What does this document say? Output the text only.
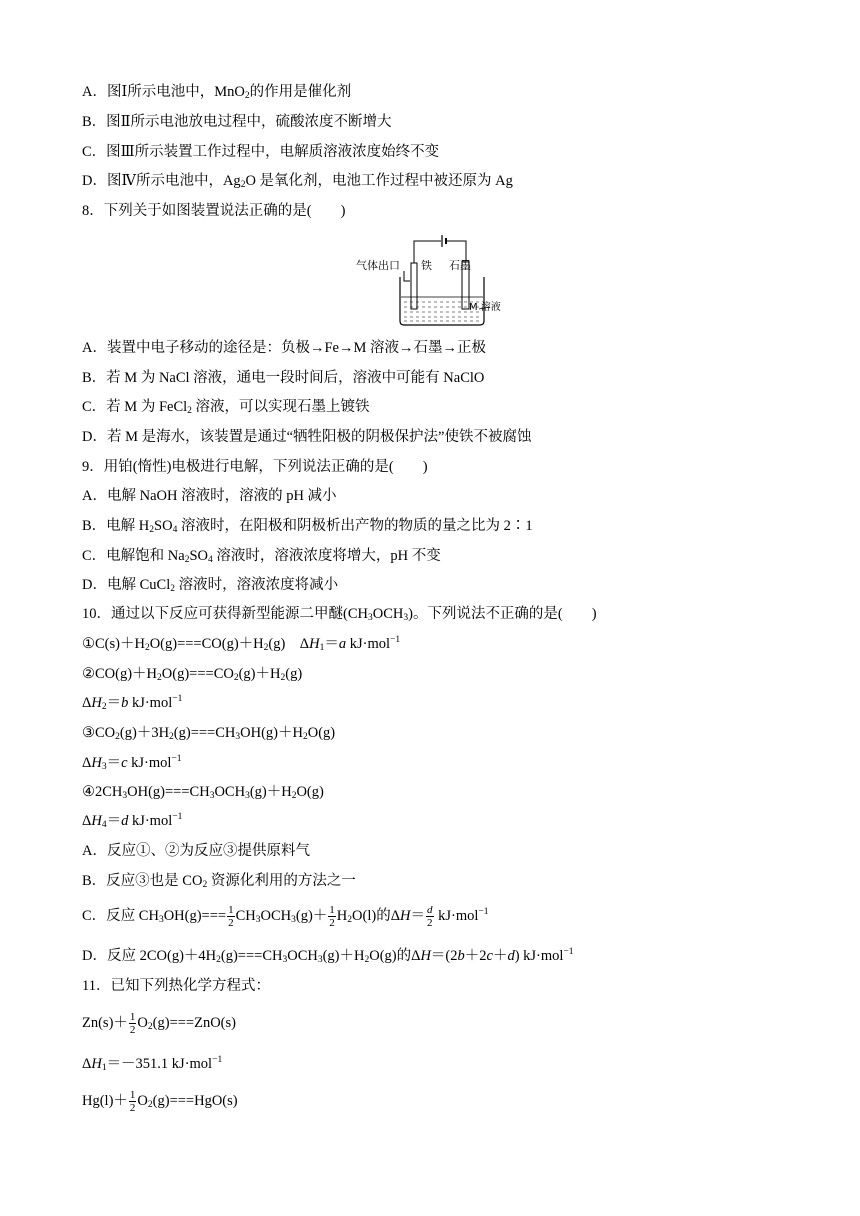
A．图Ⅰ所示电池中，MnO$_2$的作用是催化剂
B．图Ⅱ所示电池放电过程中，硫酸浓度不断增大
C．图Ⅲ所示装置工作过程中，电解质溶液浓度始终不变
D．图Ⅳ所示电池中，$Ag_2O$ 是氧化剂，电池工作过程中被还原为 Ag
8．下列关于如图装置说法正确的是(　　)
气体出口 铁 石墨
M 溶液
A．装置中电子移动的途径是：负极→Fe→M 溶液→石墨→正极
B．若 M 为 NaCl 溶液，通电一段时间后，溶液中可能有 NaClO
C．若 M 为 FeCl$_2$ 溶液，可以实现石墨上镀铁
D．若 M 是海水，该装置是通过“牺牲阳极的阴极保护法”使铁不被腐蚀
9．用铂(惰性)电极进行电解，下列说法正确的是(　　)
A．电解 NaOH 溶液时，溶液的 pH 减小
B．电解 $H_2SO_4$ 溶液时，在阳极和阴极析出产物的物质的量之比为 2∶1
C．电解饱和 $Na_2SO_4$ 溶液时，溶液浓度将增大，pH 不变
D．电解 CuCl$_2$ 溶液时，溶液浓度将减小
10．通过以下反应可获得新型能源二甲醚$(CH_3OCH_3)$。下列说法不正确的是(　　)
$①C(s)+H_2O(g)===CO(g)+H_2(g)$　$\Delta H_1=a$ kJ·mol$^{-1}$
$②CO(g)+H_2O(g)===CO_2(g)+H_2(g)$
$\Delta H_2=b$ kJ·mol$^{-1}$
$③CO_2(g)+3H_2(g)===CH_3OH(g)+H_2O(g)$
$\Delta H_3=c$ kJ·mol$^{-1}$
$④2CH_3OH(g)===CH_3OCH_3(g)+H_2O(g)$
$\Delta H_4=d$ kJ·mol$^{-1}$
A．反应①、②为反应③提供原料气
B．反应③也是 $CO_2$ 资源化利用的方法之一
C．反应 $CH_3OH(g)=== \frac{1}{2} CH_3OCH_3(g)+ \frac{1}{2} H_2O(l)$的$\Delta H= \frac{d}{2} kJ\cdot mol^{-1}$
D．反应 $2CO(g)+4H_2(g)===CH_3OCH_3(g)+H_2O(g)$的ΔH＝(2b＋2c＋d) kJ·mol$^{-1}$
11．已知下列热化学方程式：
$Zn(s)+ \frac{1}{2} O_2(g)===ZnO(s)$
$\Delta H_1=-351.1$ kJ·mol$^{-1}$
$Hg(l)+ \frac{1}{2} O_2(g)===HgO(s)$
